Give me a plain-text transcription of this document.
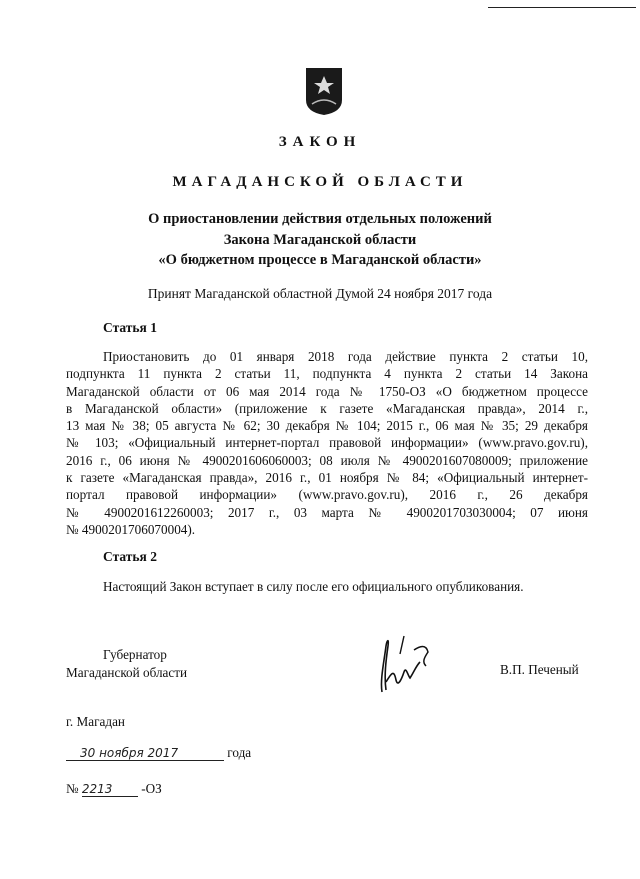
ЗАКОН
МАГАДАНСКОЙ ОБЛАСТИ
О приостановлении действия отдельных положений
Закона Магаданской области
«О бюджетном процессе в Магаданской области»
Принят Магаданской областной Думой 24 ноября 2017 года
Статья 1
Приостановить до 01 января 2018 года действие пункта 2 статьи 10,
подпункта 11 пункта 2 статьи 11, подпункта 4 пункта 2 статьи 14 Закона
Магаданской области от 06 мая 2014 года № 1750-ОЗ «О бюджетном процессе
в Магаданской области» (приложение к газете «Магаданская правда», 2014 г.,
13 мая № 38; 05 августа № 62; 30 декабря № 104; 2015 г., 06 мая № 35; 29 декабря
№ 103; «Официальный интернет-портал правовой информации» (www.pravo.gov.ru),
2016 г., 06 июня № 4900201606060003; 08 июля № 4900201607080009; приложение
к газете «Магаданская правда», 2016 г., 01 ноября № 84; «Официальный интернет-
портал правовой информации» (www.pravo.gov.ru), 2016 г., 26 декабря
№ 4900201612260003; 2017 г., 03 марта № 4900201703030004; 07 июня
№ 4900201706070004).
Статья 2
Настоящий Закон вступает в силу после его официального опубликования.
Губернатор
Магаданской области	В.П. Печеный
г. Магадан
30 ноября 2017	года
№ 2213 -ОЗ
